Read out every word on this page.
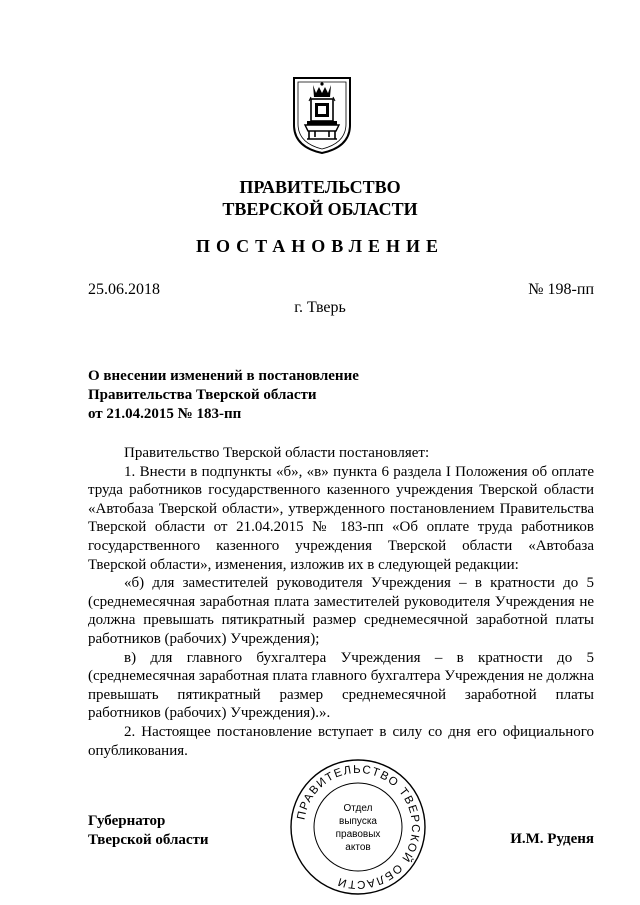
ПРАВИТЕЛЬСТВО
ТВЕРСКОЙ ОБЛАСТИ
ПОСТАНОВЛЕНИЕ
25.06.2018	№ 198-пп
г. Тверь
О внесении изменений в постановление
Правительства Тверской области
от 21.04.2015 № 183-пп

Правительство Тверской области постановляет:

1. Внести в подпункты «б», «в» пункта 6 раздела I Положения об оплате труда работников государственного казенного учреждения Тверской области «Автобаза Тверской области», утвержденного постановлением Правительства Тверской области от 21.04.2015 № 183-пп «Об оплате труда работников государственного казенного учреждения Тверской области «Автобаза Тверской области», изменения, изложив их в следующей редакции:

«б) для заместителей руководителя Учреждения – в кратности до 5 (среднемесячная заработная плата заместителей руководителя Учреждения не должна превышать пятикратный размер среднемесячной заработной платы работников (рабочих) Учреждения);

в) для главного бухгалтера Учреждения – в кратности до 5 (среднемесячная заработная плата главного бухгалтера Учреждения не должна превышать пятикратный размер среднемесячной заработной платы работников (рабочих) Учреждения).».

2. Настоящее постановление вступает в силу со дня его официального опубликования.

Губернатор
Тверской области	И.М. Руденя
ПРАВИТЕЛЬСТВО ТВЕРСКОЙ ОБЛАСТИ
Отдел
выпуска
правовых
актов
